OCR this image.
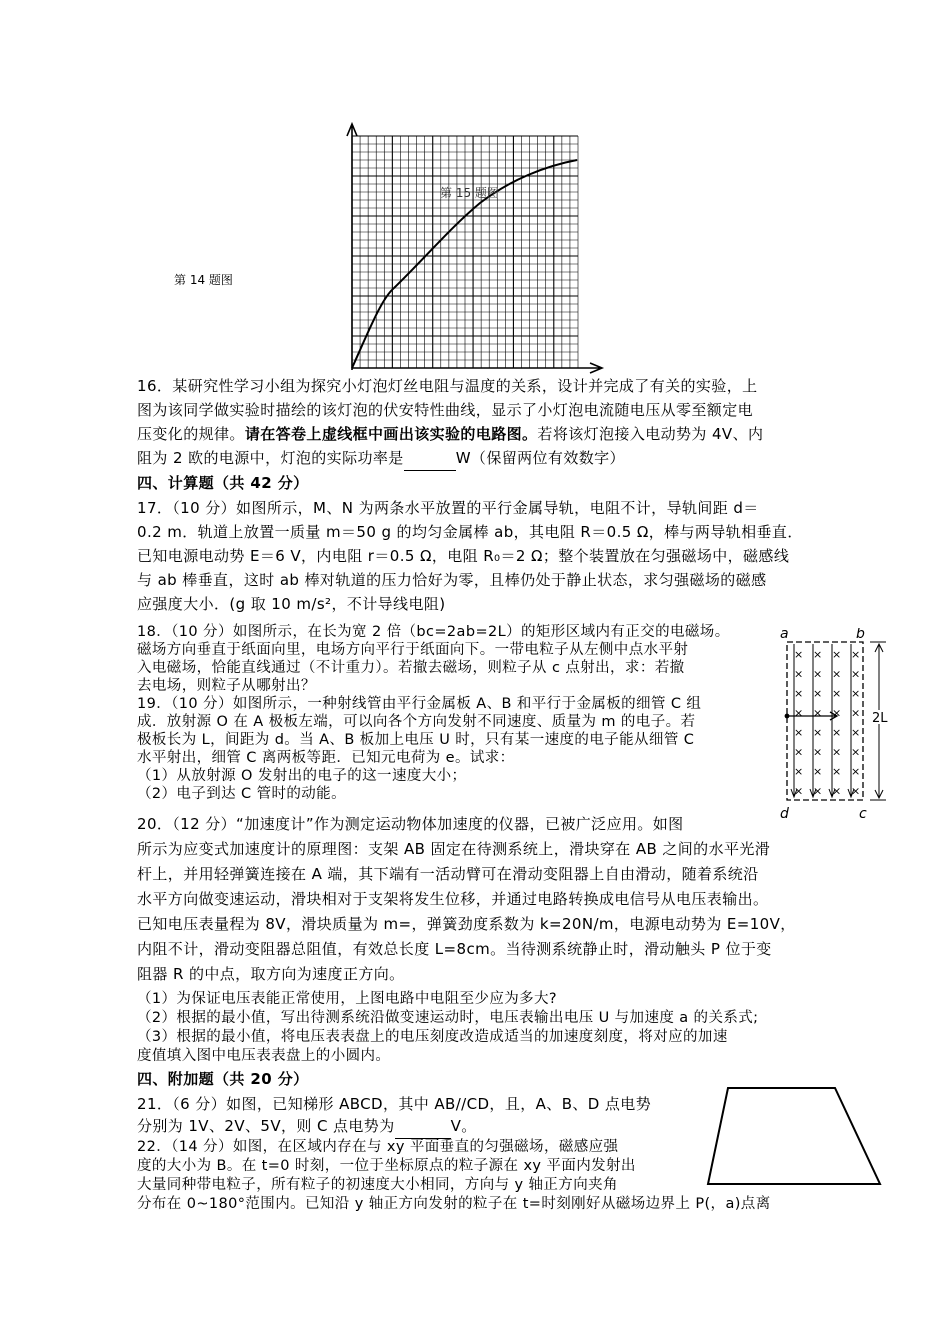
第 15 题图
第 14 题图
16．某研究性学习小组为探究小灯泡灯丝电阻与温度的关系，设计并完成了有关的实验，上
图为该同学做实验时描绘的该灯泡的伏安特性曲线，显示了小灯泡电流随电压从零至额定电
压变化的规律。请在答卷上虚线框中画出该实验的电路图。若将该灯泡接入电动势为 4V、内
阻为 2 欧的电源中，灯泡的实际功率是	W（保留两位有效数字）
四、计算题（共 42 分）
17．（10 分）如图所示，M、N 为两条水平放置的平行金属导轨，电阻不计，导轨间距 d＝
0.2 m．轨道上放置一质量 m＝50 g 的均匀金属棒 ab，其电阻 R＝0.5 Ω，棒与两导轨相垂直．
已知电源电动势 E＝6 V，内电阻 r＝0.5 Ω，电阻 R₀＝2 Ω；整个装置放在匀强磁场中，磁感线
与 ab 棒垂直，这时 ab 棒对轨道的压力恰好为零，且棒仍处于静止状态，求匀强磁场的磁感
应强度大小．(g 取 10 m/s²，不计导线电阻)
18．（10 分）如图所示，在长为宽 2 倍（bc=2ab=2L）的矩形区域内有正交的电磁场。
磁场方向垂直于纸面向里，电场方向平行于纸面向下。一带电粒子从左侧中点水平射
入电磁场，恰能直线通过（不计重力）。若撤去磁场，则粒子从 c 点射出，求：若撤
去电场，则粒子从哪射出？
19．（10 分）如图所示，一种射线管由平行金属板 A、B 和平行于金属板的细管 C 组
成．放射源 O 在 A 极板左端，可以向各个方向发射不同速度、质量为 m 的电子。若
极板长为 L，间距为 d。当 A、B 板加上电压 U 时，只有某一速度的电子能从细管 C
水平射出，细管 C 离两板等距．已知元电荷为 e。试求：
（1）从放射源 O 发射出的电子的这一速度大小；
（2）电子到达 C 管时的动能。
× × × ×
× × × ×
× × × ×
× × × ×
× × × ×
× × × ×
× × × ×
× × × ×
a	b
d	c
2L
20．（12 分）“加速度计”作为测定运动物体加速度的仪器，已被广泛应用。如图
所示为应变式加速度计的原理图：支架 AB 固定在待测系统上，滑块穿在 AB 之间的水平光滑
杆上，并用轻弹簧连接在 A 端，其下端有一活动臂可在滑动变阻器上自由滑动，随着系统沿
水平方向做变速运动，滑块相对于支架将发生位移，并通过电路转换成电信号从电压表输出。
已知电压表量程为 8V，滑块质量为 m=，弹簧劲度系数为 k=20N/m，电源电动势为 E=10V，
内阻不计，滑动变阻器总阻值，有效总长度 L=8cm。当待测系统静止时，滑动触头 P 位于变
阻器 R 的中点，取方向为速度正方向。
（1）为保证电压表能正常使用，上图电路中电阻至少应为多大?
（2）根据的最小值，写出待测系统沿做变速运动时，电压表输出电压 U 与加速度 a 的关系式;
（3）根据的最小值，将电压表表盘上的电压刻度改造成适当的加速度刻度，将对应的加速
度值填入图中电压表表盘上的小圆内。
四、附加题（共 20 分）
21．（6 分）如图，已知梯形 ABCD，其中 AB//CD，且，A、B、D 点电势
分别为 1V、2V、5V，则 C 点电势为	V。
22．（14 分）如图，在区域内存在与 xy 平面垂直的匀强磁场，磁感应强
度的大小为 B。在 t=0 时刻，一位于坐标原点的粒子源在 xy 平面内发射出
大量同种带电粒子，所有粒子的初速度大小相同，方向与 y 轴正方向夹角
分布在 0~180°范围内。已知沿 y 轴正方向发射的粒子在 t=时刻刚好从磁场边界上 P(，a)点离
